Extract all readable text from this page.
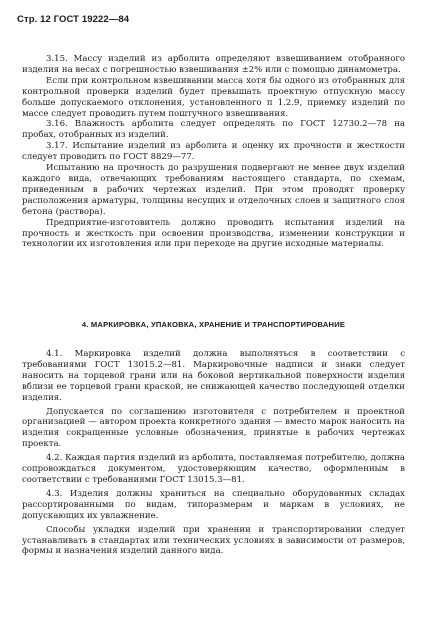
Стр. 12 ГОСТ 19222—84

3.15. Массу изделий из арболита определяют взвешиванием отобранного изделия на весах с погрешностью взвешивания ±2% или с помощью динамометра.

Если при контрольном взвешивании масса хотя бы одного из отобранных для контрольной проверки изделий будет превышать проектную отпускную массу больше допускаемого отклонения, установленного п 1.2.9, приемку изделий по массе следует проводить путем поштучного взвешивания.

3.16. Влажность арболита следует определять по ГОСТ 12730.2—78 на пробах, отобранных из изделий.

3.17. Испытание изделий из арболита и оценку их прочности и жесткости следует проводить по ГОСТ 8829—77.

Испытанию на прочность до разрушения подвергают не менее двух изделий каждого вида, отвечающих требованиям настоящего стандарта, по схемам, приведенным в рабочих чертежах изделий. При этом проводят проверку расположения арматуры, толщины несущих и отделочных слоев и защитного слоя бетона (раствора).

Предприятие-изготовитель должно проводить испытания изделий на прочность и жесткость при освоении производства, изменении конструкции и технологии их изготовления или при переходе на другие исходные материалы.

4. МАРКИРОВКА, УПАКОВКА, ХРАНЕНИЕ И ТРАНСПОРТИРОВАНИЕ

4.1. Маркировка изделий должна выполняться в соответствии с требованиями ГОСТ 13015.2—81. Маркировочные надписи и знаки следует наносить на торцевой грани или на боковой вертикальной поверхности изделия вблизи ее торцевой грани краской, не снижающей качество последующей отделки изделия.

Допускается по соглашению изготовителя с потребителем и проектной организацией — автором проекта конкретного здания — вместо марок наносить на изделия сокращенные условные обозначения, принятые в рабочих чертежах проекта.

4.2. Каждая партия изделий из арболита, поставляемая потребителю, должна сопровождаться документом, удостоверяющим качество, оформленным в соответствии с требованиями ГОСТ 13015.3—81.

4.3. Изделия должны храниться на специально оборудованных складах рассортированными по видам, типоразмерам и маркам в условиях, не допускающих их увлажнение.

Способы укладки изделий при хранении и транспортировании следует устанавливать в стандартах или технических условиях в зависимости от размеров, формы и назначения изделий данного вида.
